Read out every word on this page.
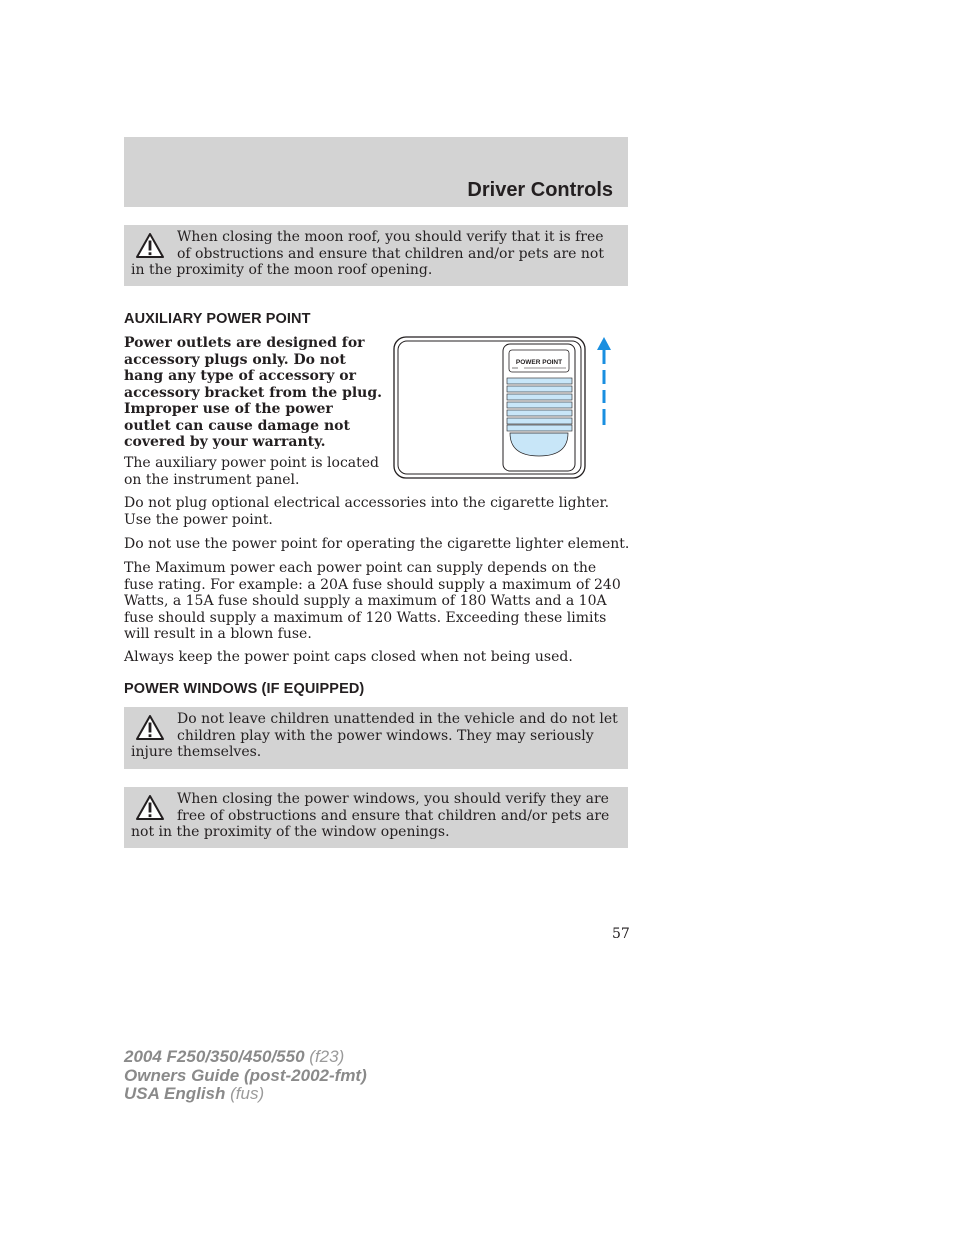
Driver Controls
When closing the moon roof, you should verify that it is free of obstructions and ensure that children and/or pets are not in the proximity of the moon roof opening.
AUXILIARY POWER POINT
Power outlets are designed for accessory plugs only. Do not hang any type of accessory or accessory bracket from the plug. Improper use of the power outlet can cause damage not covered by your warranty.
The auxiliary power point is located on the instrument panel.
POWER POINT
Do not plug optional electrical accessories into the cigarette lighter. Use the power point.
Do not use the power point for operating the cigarette lighter element.
The Maximum power each power point can supply depends on the fuse rating. For example: a 20A fuse should supply a maximum of 240 Watts, a 15A fuse should supply a maximum of 180 Watts and a 10A fuse should supply a maximum of 120 Watts. Exceeding these limits will result in a blown fuse.
Always keep the power point caps closed when not being used.
POWER WINDOWS (IF EQUIPPED)
Do not leave children unattended in the vehicle and do not let children play with the power windows. They may seriously injure themselves.
When closing the power windows, you should verify they are free of obstructions and ensure that children and/or pets are not in the proximity of the window openings.
57
2004 F250/350/450/550 (f23)
Owners Guide (post-2002-fmt)
USA English (fus)
